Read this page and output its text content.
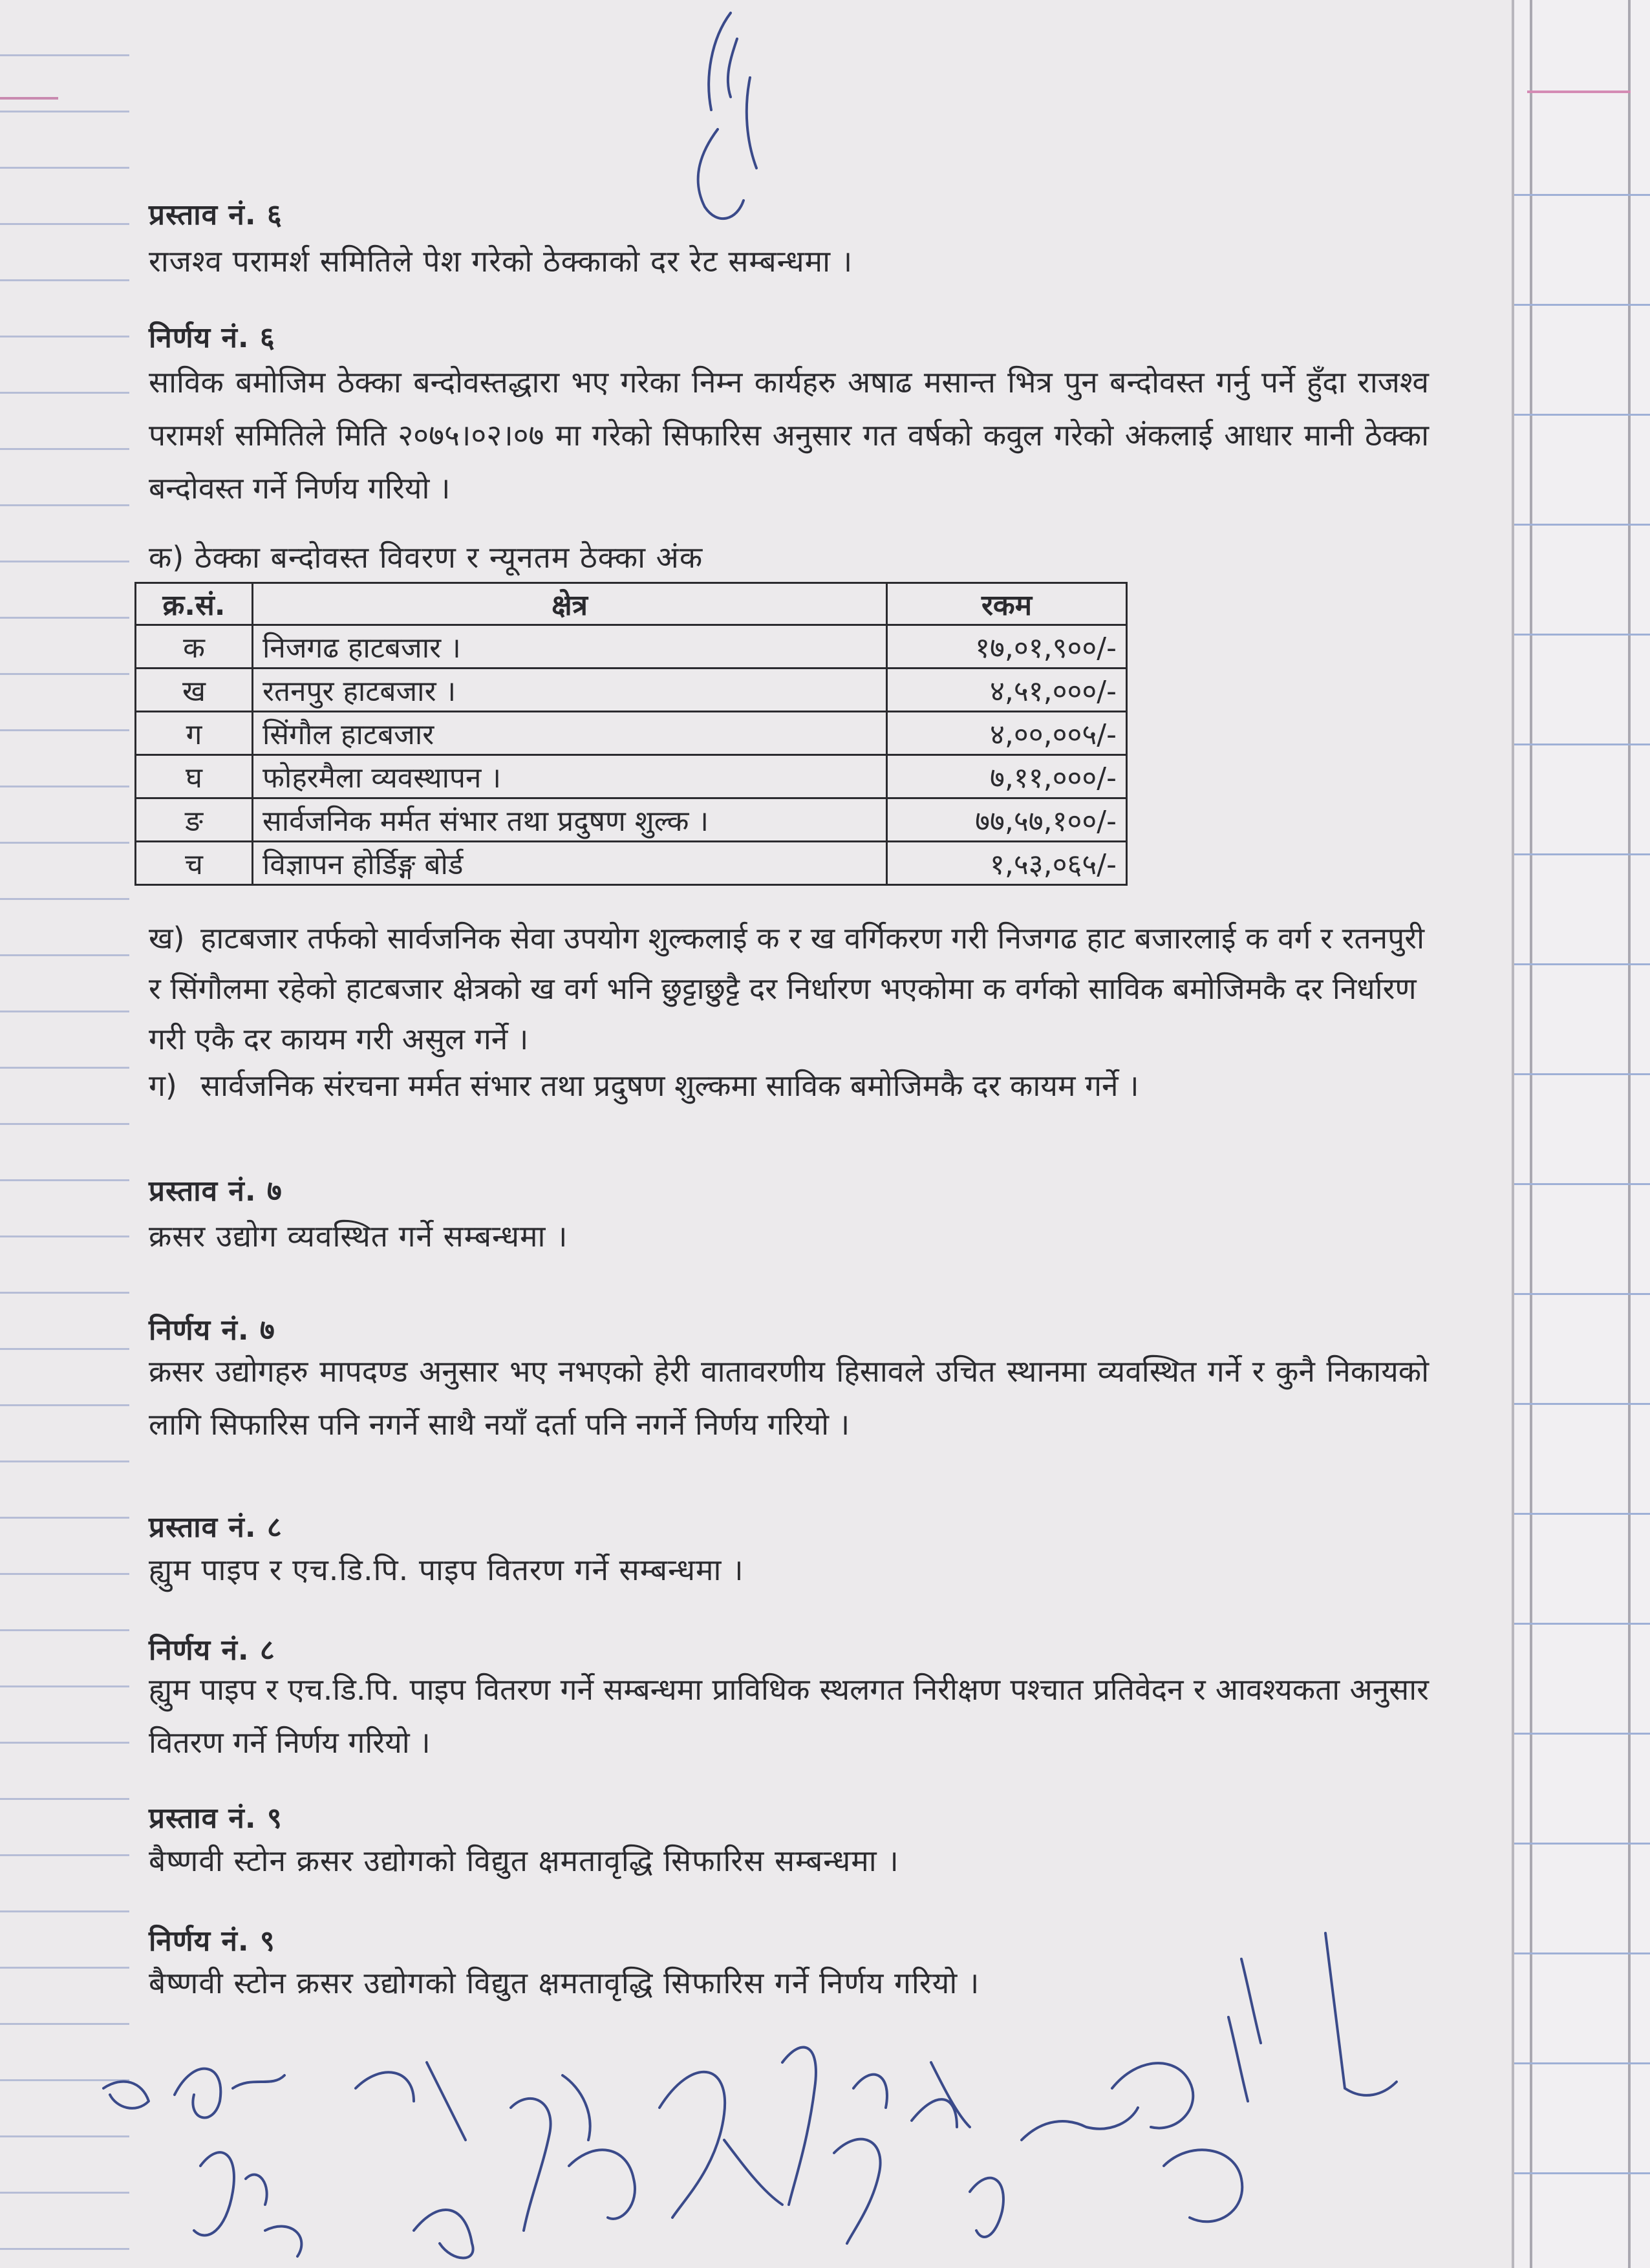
प्रस्ताव नं. ६
राजश्व परामर्श समितिले पेश गरेको ठेक्काको दर रेट सम्बन्धमा ।
निर्णय नं. ६
साविक बमोजिम ठेक्का बन्दोवस्तद्धारा भए गरेका निम्न कार्यहरु अषाढ मसान्त भित्र पुन बन्दोवस्त गर्नु पर्ने हुँदा राजश्व परामर्श समितिले मिति २०७५।०२।०७ मा गरेको सिफारिस अनुसार गत वर्षको कवुल गरेको अंकलाई आधार मानी ठेक्का बन्दोवस्त गर्ने निर्णय गरियो ।
क) ठेक्का बन्दोवस्त विवरण र न्यूनतम ठेक्का अंक
क्र.सं.	क्षेत्र	रकम
क	निजगढ हाटबजार ।	१७,०१,९००/-
ख	रतनपुर हाटबजार ।	४,५१,०००/-
ग	सिंगौल हाटबजार	४,००,००५/-
घ	फोहरमैला व्यवस्थापन ।	७,११,०००/-
ङ	सार्वजनिक मर्मत संभार तथा प्रदुषण शुल्क ।	७७,५७,१००/-
च	विज्ञापन होर्डिङ्ग बोर्ड	१,५३,०६५/-
ख) हाटबजार तर्फको सार्वजनिक सेवा उपयोग शुल्कलाई क र ख वर्गिकरण गरी निजगढ हाट बजारलाई क वर्ग र रतनपुरी र सिंगौलमा रहेको हाटबजार क्षेत्रको ख वर्ग भनि छुट्टाछुट्टै दर निर्धारण भएकोमा क वर्गको साविक बमोजिमकै दर निर्धारण गरी एकै दर कायम गरी असुल गर्ने ।
ग) सार्वजनिक संरचना मर्मत संभार तथा प्रदुषण शुल्कमा साविक बमोजिमकै दर कायम गर्ने ।
प्रस्ताव नं. ७
क्रसर उद्योग व्यवस्थित गर्ने सम्बन्धमा ।
निर्णय नं. ७
क्रसर उद्योगहरु मापदण्ड अनुसार भए नभएको हेरी वातावरणीय हिसावले उचित स्थानमा व्यवस्थित गर्ने र कुनै निकायको लागि सिफारिस पनि नगर्ने साथै नयाँ दर्ता पनि नगर्ने निर्णय गरियो ।
प्रस्ताव नं. ८
ह्युम पाइप र एच.डि.पि. पाइप वितरण गर्ने सम्बन्धमा ।
निर्णय नं. ८
ह्युम पाइप र एच.डि.पि. पाइप वितरण गर्ने सम्बन्धमा प्राविधिक स्थलगत निरीक्षण पश्चात प्रतिवेदन र आवश्यकता अनुसार वितरण गर्ने निर्णय गरियो ।
प्रस्ताव नं. ९
बैष्णवी स्टोन क्रसर उद्योगको विद्युत क्षमतावृद्धि सिफारिस सम्बन्धमा ।
निर्णय नं. ९
बैष्णवी स्टोन क्रसर उद्योगको विद्युत क्षमतावृद्धि सिफारिस गर्ने निर्णय गरियो ।
